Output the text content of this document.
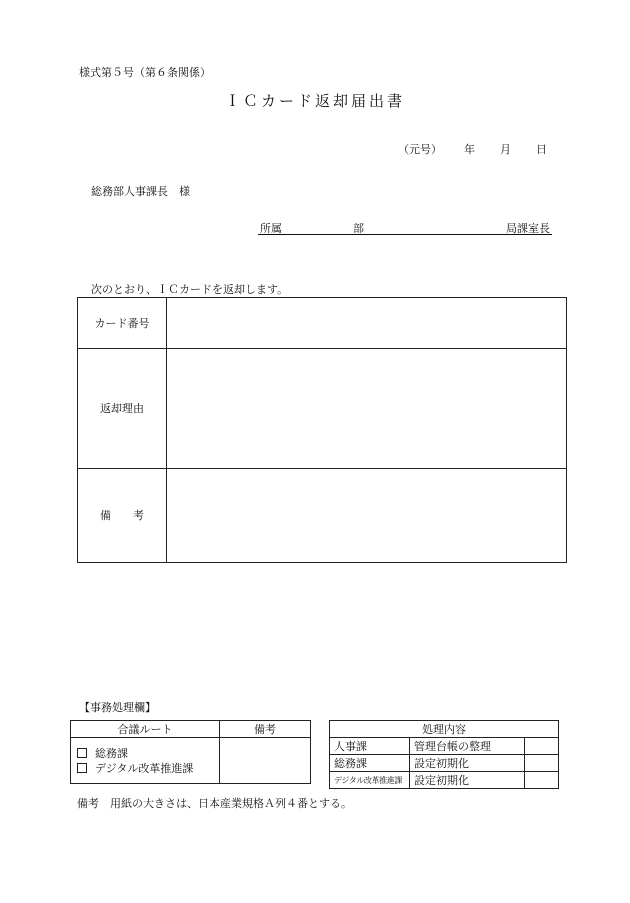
様式第５号（第６条関係）
ＩＣカード返却届出書
（元号） 年 月 日
総務部人事課長　様
所属	部	局課室長
次のとおり、ＩＣカードを返却します。
カード番号	
返却理由	
備　　考	
【事務処理欄】
合議ルート	備考

総務課
デジタル改革推進課	

処理内容		
人事課	管理台帳の整理	
総務課	設定初期化	
デジタル改革推進課	設定初期化	
備考　用紙の大きさは、日本産業規格Ａ列４番とする。
